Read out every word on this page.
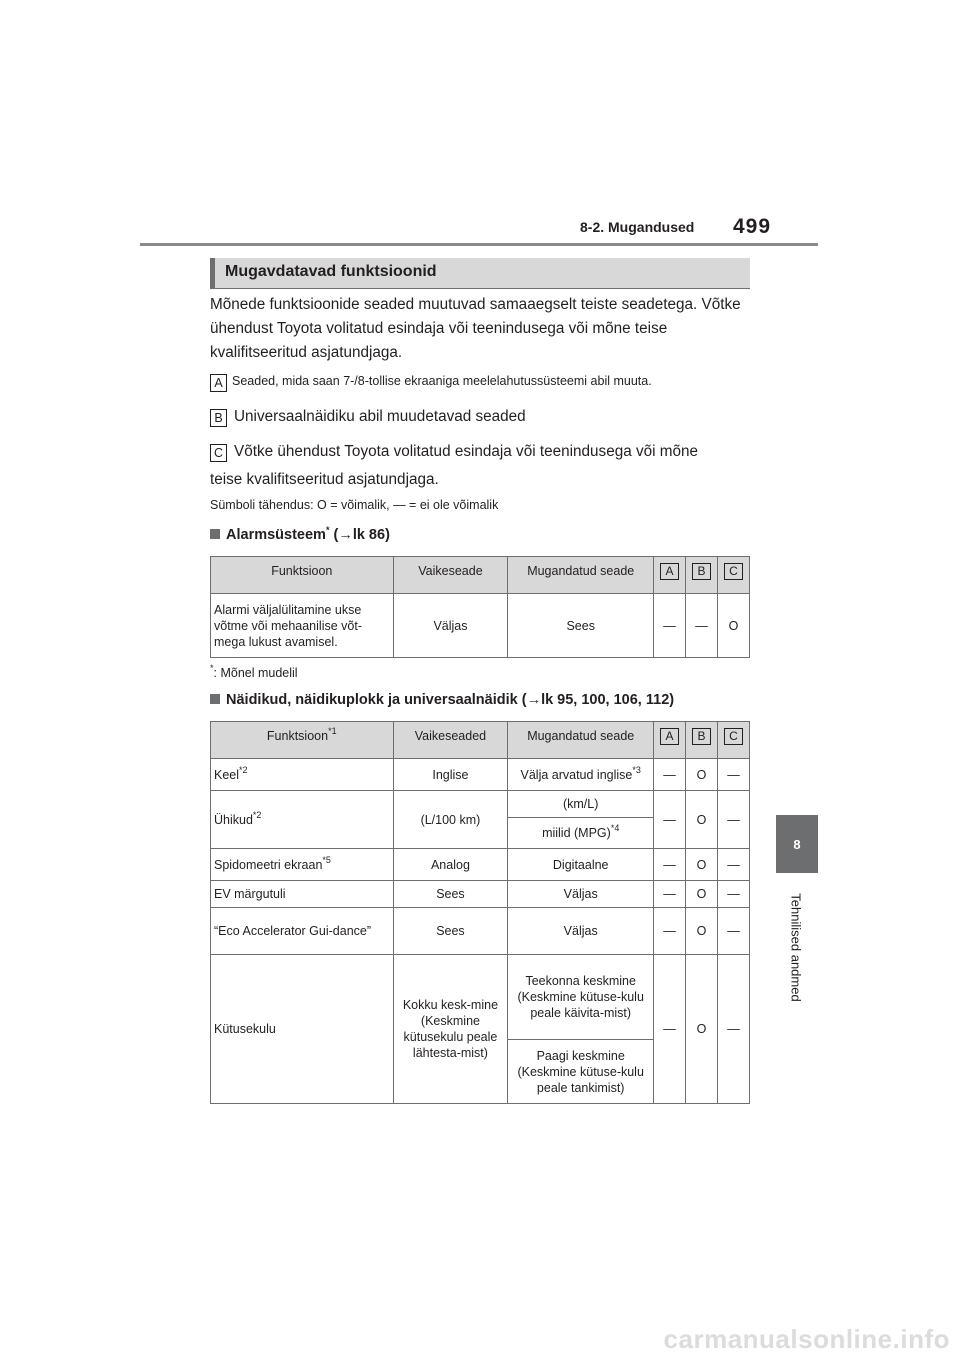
8-2. Mugandused 499
8
Tehnilised andmed
Mugavdatavad funktsioonid
Mõnede funktsioonide seaded muutuvad samaaegselt teiste seadetega. Võtke ühendust Toyota volitatud esindaja või teenindusega või mõne teise kvalifitseeritud asjatundjaga.
A Seaded, mida saan 7-/8-tollise ekraaniga meelelahutussüsteemi abil muuta.
B Universaalnäidiku abil muudetavad seaded
C Võtke ühendust Toyota volitatud esindaja või teenindusega või mõne
teise kvalifitseeritud asjatundjaga.
Sümboli tähendus: O = võimalik, — = ei ole võimalik
Alarmsüsteem* (→lk 86)
Funktsioon	Vaikeseade	Mugandatud seade	A	B	C
Alarmi väljalülitamine ukse võtme või mehaanilise võt-mega lukust avamisel.	Väljas	Sees	—	—	O
*: Mõnel mudelil
Näidikud, näidikuplokk ja universaalnäidik (→lk 95, 100, 106, 112)
Funktsioon$^{*1}$	Vaikeseaded	Mugandatud seade	A	B	C
Keel$^{*2}$	Inglise	Välja arvatud inglise$^{*3}$	—	O	—
Ühikud$^{*2}$	(L/100 km)	(km/L)	—	O	—
		miilid (MPG)$^{*4}$
Spidomeetri ekraan$^{*5}$	Analog	Digitaalne	—	O	—
EV märgutuli	Sees	Väljas	—	O	—
“Eco Accelerator Gui-dance”	Sees	Väljas	—	O	—
Kütusekulu	Kokku kesk-mine (Keskmine kütusekulu peale lähtesta-mist)	Teekonna keskmine (Keskmine kütuse-kulu peale käivita-mist)	—	O	—
		Paagi keskmine (Keskmine kütuse-kulu peale tankimist)			
carmanualsonline.info
